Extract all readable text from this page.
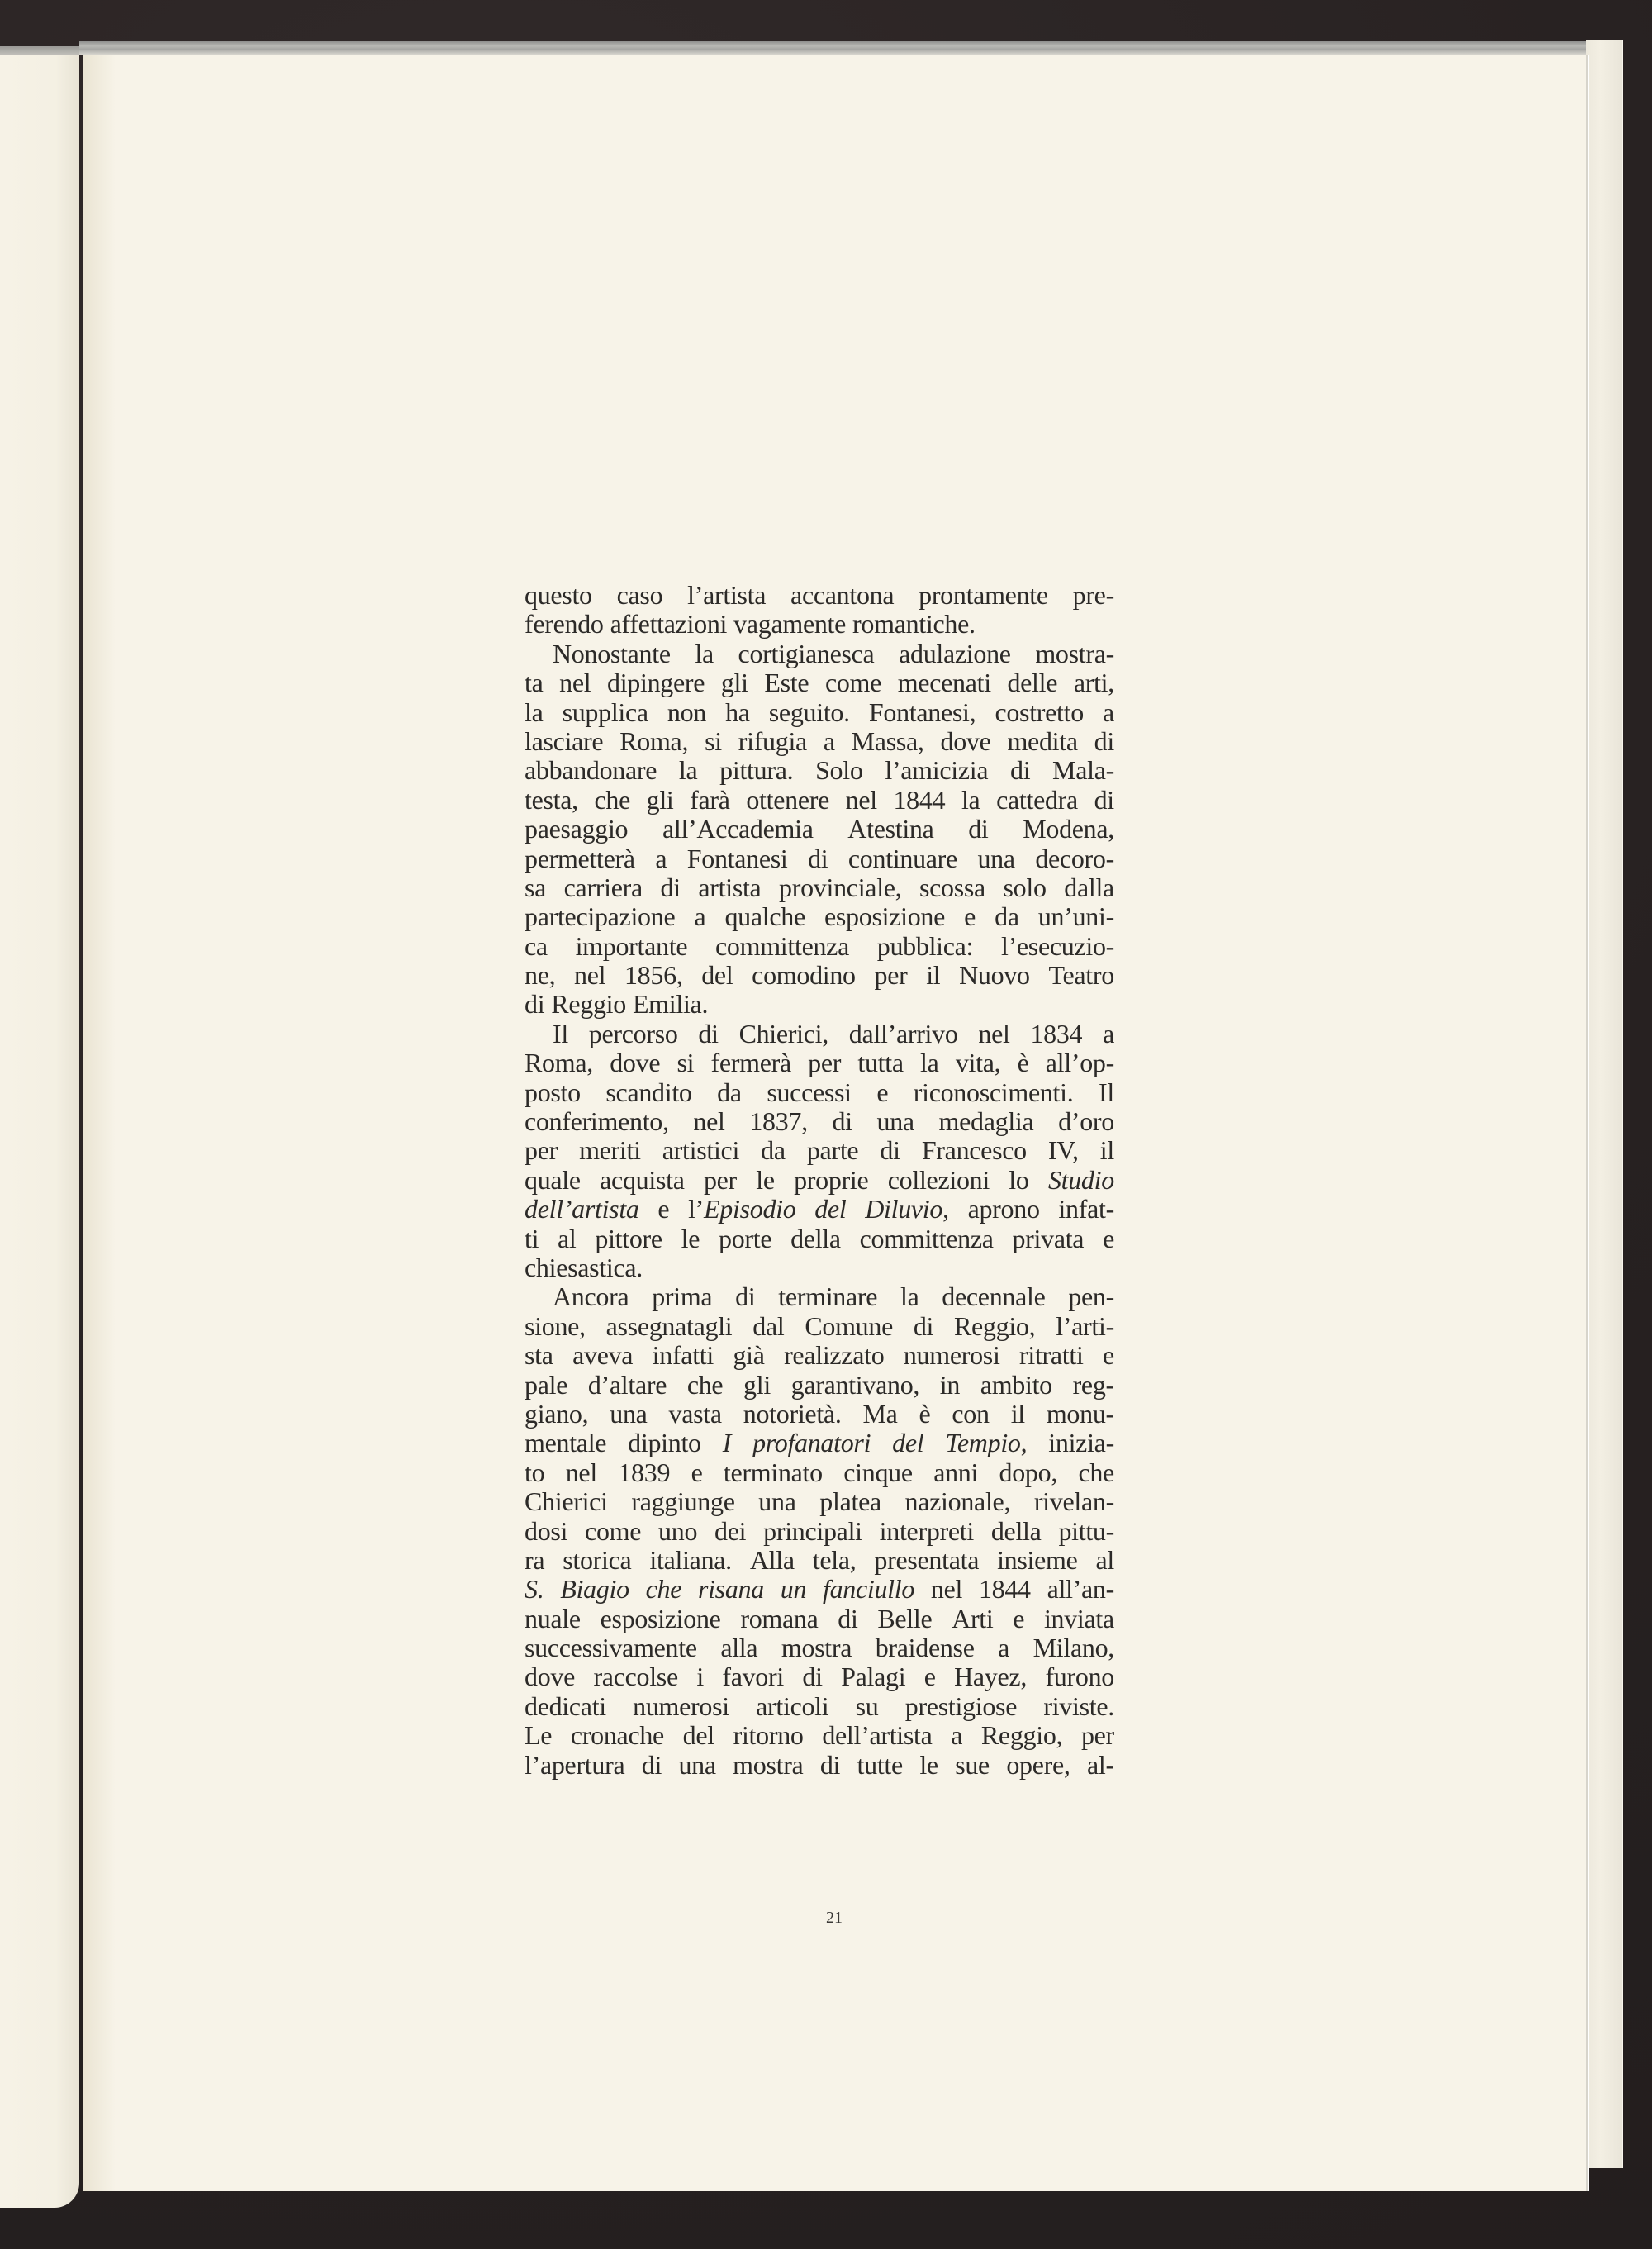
questo caso l’artista accantona prontamente pre-
ferendo affettazioni vagamente romantiche.
Nonostante la cortigianesca adulazione mostra-
ta nel dipingere gli Este come mecenati delle arti,
la supplica non ha seguito. Fontanesi, costretto a
lasciare Roma, si rifugia a Massa, dove medita di
abbandonare la pittura. Solo l’amicizia di Mala-
testa, che gli farà ottenere nel 1844 la cattedra di
paesaggio all’Accademia Atestina di Modena,
permetterà a Fontanesi di continuare una decoro-
sa carriera di artista provinciale, scossa solo dalla
partecipazione a qualche esposizione e da un’uni-
ca importante committenza pubblica: l’esecuzio-
ne, nel 1856, del comodino per il Nuovo Teatro
di Reggio Emilia.
Il percorso di Chierici, dall’arrivo nel 1834 a
Roma, dove si fermerà per tutta la vita, è all’op-
posto scandito da successi e riconoscimenti. Il
conferimento, nel 1837, di una medaglia d’oro
per meriti artistici da parte di Francesco IV, il
quale acquista per le proprie collezioni lo Studio
dell’artista e l’Episodio del Diluvio, aprono infat-
ti al pittore le porte della committenza privata e
chiesastica.
Ancora prima di terminare la decennale pen-
sione, assegnatagli dal Comune di Reggio, l’arti-
sta aveva infatti già realizzato numerosi ritratti e
pale d’altare che gli garantivano, in ambito reg-
giano, una vasta notorietà. Ma è con il monu-
mentale dipinto I profanatori del Tempio, inizia-
to nel 1839 e terminato cinque anni dopo, che
Chierici raggiunge una platea nazionale, rivelan-
dosi come uno dei principali interpreti della pittu-
ra storica italiana. Alla tela, presentata insieme al
S. Biagio che risana un fanciullo nel 1844 all’an-
nuale esposizione romana di Belle Arti e inviata
successivamente alla mostra braidense a Milano,
dove raccolse i favori di Palagi e Hayez, furono
dedicati numerosi articoli su prestigiose riviste.
Le cronache del ritorno dell’artista a Reggio, per
l’apertura di una mostra di tutte le sue opere, al-
21
